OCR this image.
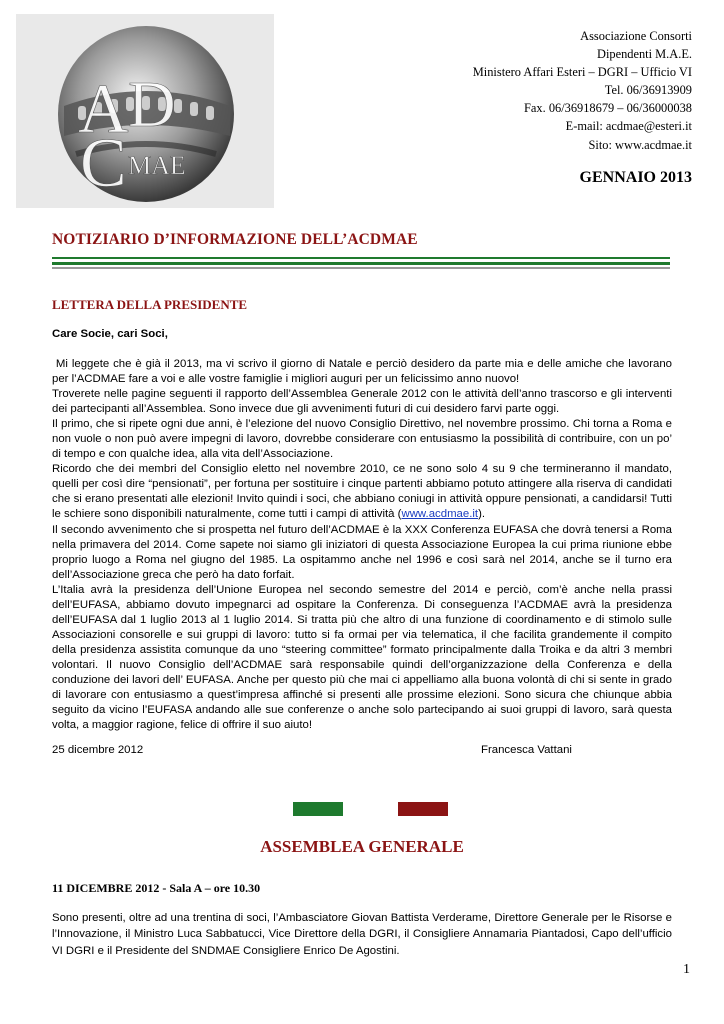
A D
C MAE
Associazione Consorti
Dipendenti M.A.E.
Ministero Affari Esteri – DGRI – Ufficio VI
Tel. 06/36913909
Fax. 06/36918679 – 06/36000038
E-mail: acdmae@esteri.it
Sito: www.acdmae.it
GENNAIO 2013
NOTIZIARIO D’INFORMAZIONE DELL’ACDMAE
LETTERA DELLA PRESIDENTE
Care Socie, cari Soci,

Mi leggete che è già il 2013, ma vi scrivo il giorno di Natale e perciò desidero da parte mia e delle amiche che lavorano per l’ACDMAE fare a voi e alle vostre famiglie i migliori auguri per un felicissimo anno nuovo!

Troverete nelle pagine seguenti il rapporto dell’Assemblea Generale 2012 con le attività dell’anno trascorso e gli interventi dei partecipanti all’Assemblea. Sono invece due gli avvenimenti futuri di cui desidero farvi parte oggi.

Il primo, che si ripete ogni due anni, è l’elezione del nuovo Consiglio Direttivo, nel novembre prossimo. Chi torna a Roma e non vuole o non può avere impegni di lavoro, dovrebbe considerare con entusiasmo la possibilità di contribuire, con un po’ di tempo e con qualche idea, alla vita dell’Associazione.

Ricordo che dei membri del Consiglio eletto nel novembre 2010, ce ne sono solo 4 su 9 che termineranno il mandato, quelli per così dire “pensionati”, per fortuna per sostituire i cinque partenti abbiamo potuto attingere alla riserva di candidati che si erano presentati alle elezioni! Invito quindi i soci, che abbiano coniugi in attività oppure pensionati, a candidarsi! Tutti le schiere sono disponibili naturalmente, come tutti i campi di attività (www.acdmae.it).

Il secondo avvenimento che si prospetta nel futuro dell’ACDMAE è la XXX Conferenza EUFASA che dovrà tenersi a Roma nella primavera del 2014. Come sapete noi siamo gli iniziatori di questa Associazione Europea la cui prima riunione ebbe proprio luogo a Roma nel giugno del 1985. La ospitammo anche nel 1996 e così sarà nel 2014, anche se il turno era dell’Associazione greca che però ha dato forfait.

L’Italia avrà la presidenza dell’Unione Europea nel secondo semestre del 2014 e perciò, com’è anche nella prassi dell’EUFASA, abbiamo dovuto impegnarci ad ospitare la Conferenza. Di conseguenza l’ACDMAE avrà la presidenza dell’EUFASA dal 1 luglio 2013 al 1 luglio 2014. Si tratta più che altro di una funzione di coordinamento e di stimolo sulle Associazioni consorelle e sui gruppi di lavoro: tutto si fa ormai per via telematica, il che facilita grandemente il compito della presidenza assistita comunque da uno “steering committee” formato principalmente dalla Troika e da altri 3 membri volontari. Il nuovo Consiglio dell’ACDMAE sarà responsabile quindi dell’organizzazione della Conferenza e della conduzione dei lavori dell’ EUFASA. Anche per questo più che mai ci appelliamo alla buona volontà di chi si sente in grado di lavorare con entusiasmo a quest’impresa affinché si presenti alle prossime elezioni. Sono sicura che chiunque abbia seguito da vicino l’EUFASA andando alle sue conferenze o anche solo partecipando ai suoi gruppi di lavoro, sarà questa volta, a maggior ragione, felice di offrire il suo aiuto!

25 dicembre 2012	Francesca Vattani
ASSEMBLEA GENERALE
11 DICEMBRE 2012 - Sala A – ore 10.30
Sono presenti, oltre ad una trentina di soci, l’Ambasciatore Giovan Battista Verderame, Direttore Generale per le Risorse e l’Innovazione, il Ministro Luca Sabbatucci, Vice Direttore della DGRI, il Consigliere Annamaria Piantadosi, Capo dell’ufficio VI DGRI e il Presidente del SNDMAE Consigliere Enrico De Agostini.
1
